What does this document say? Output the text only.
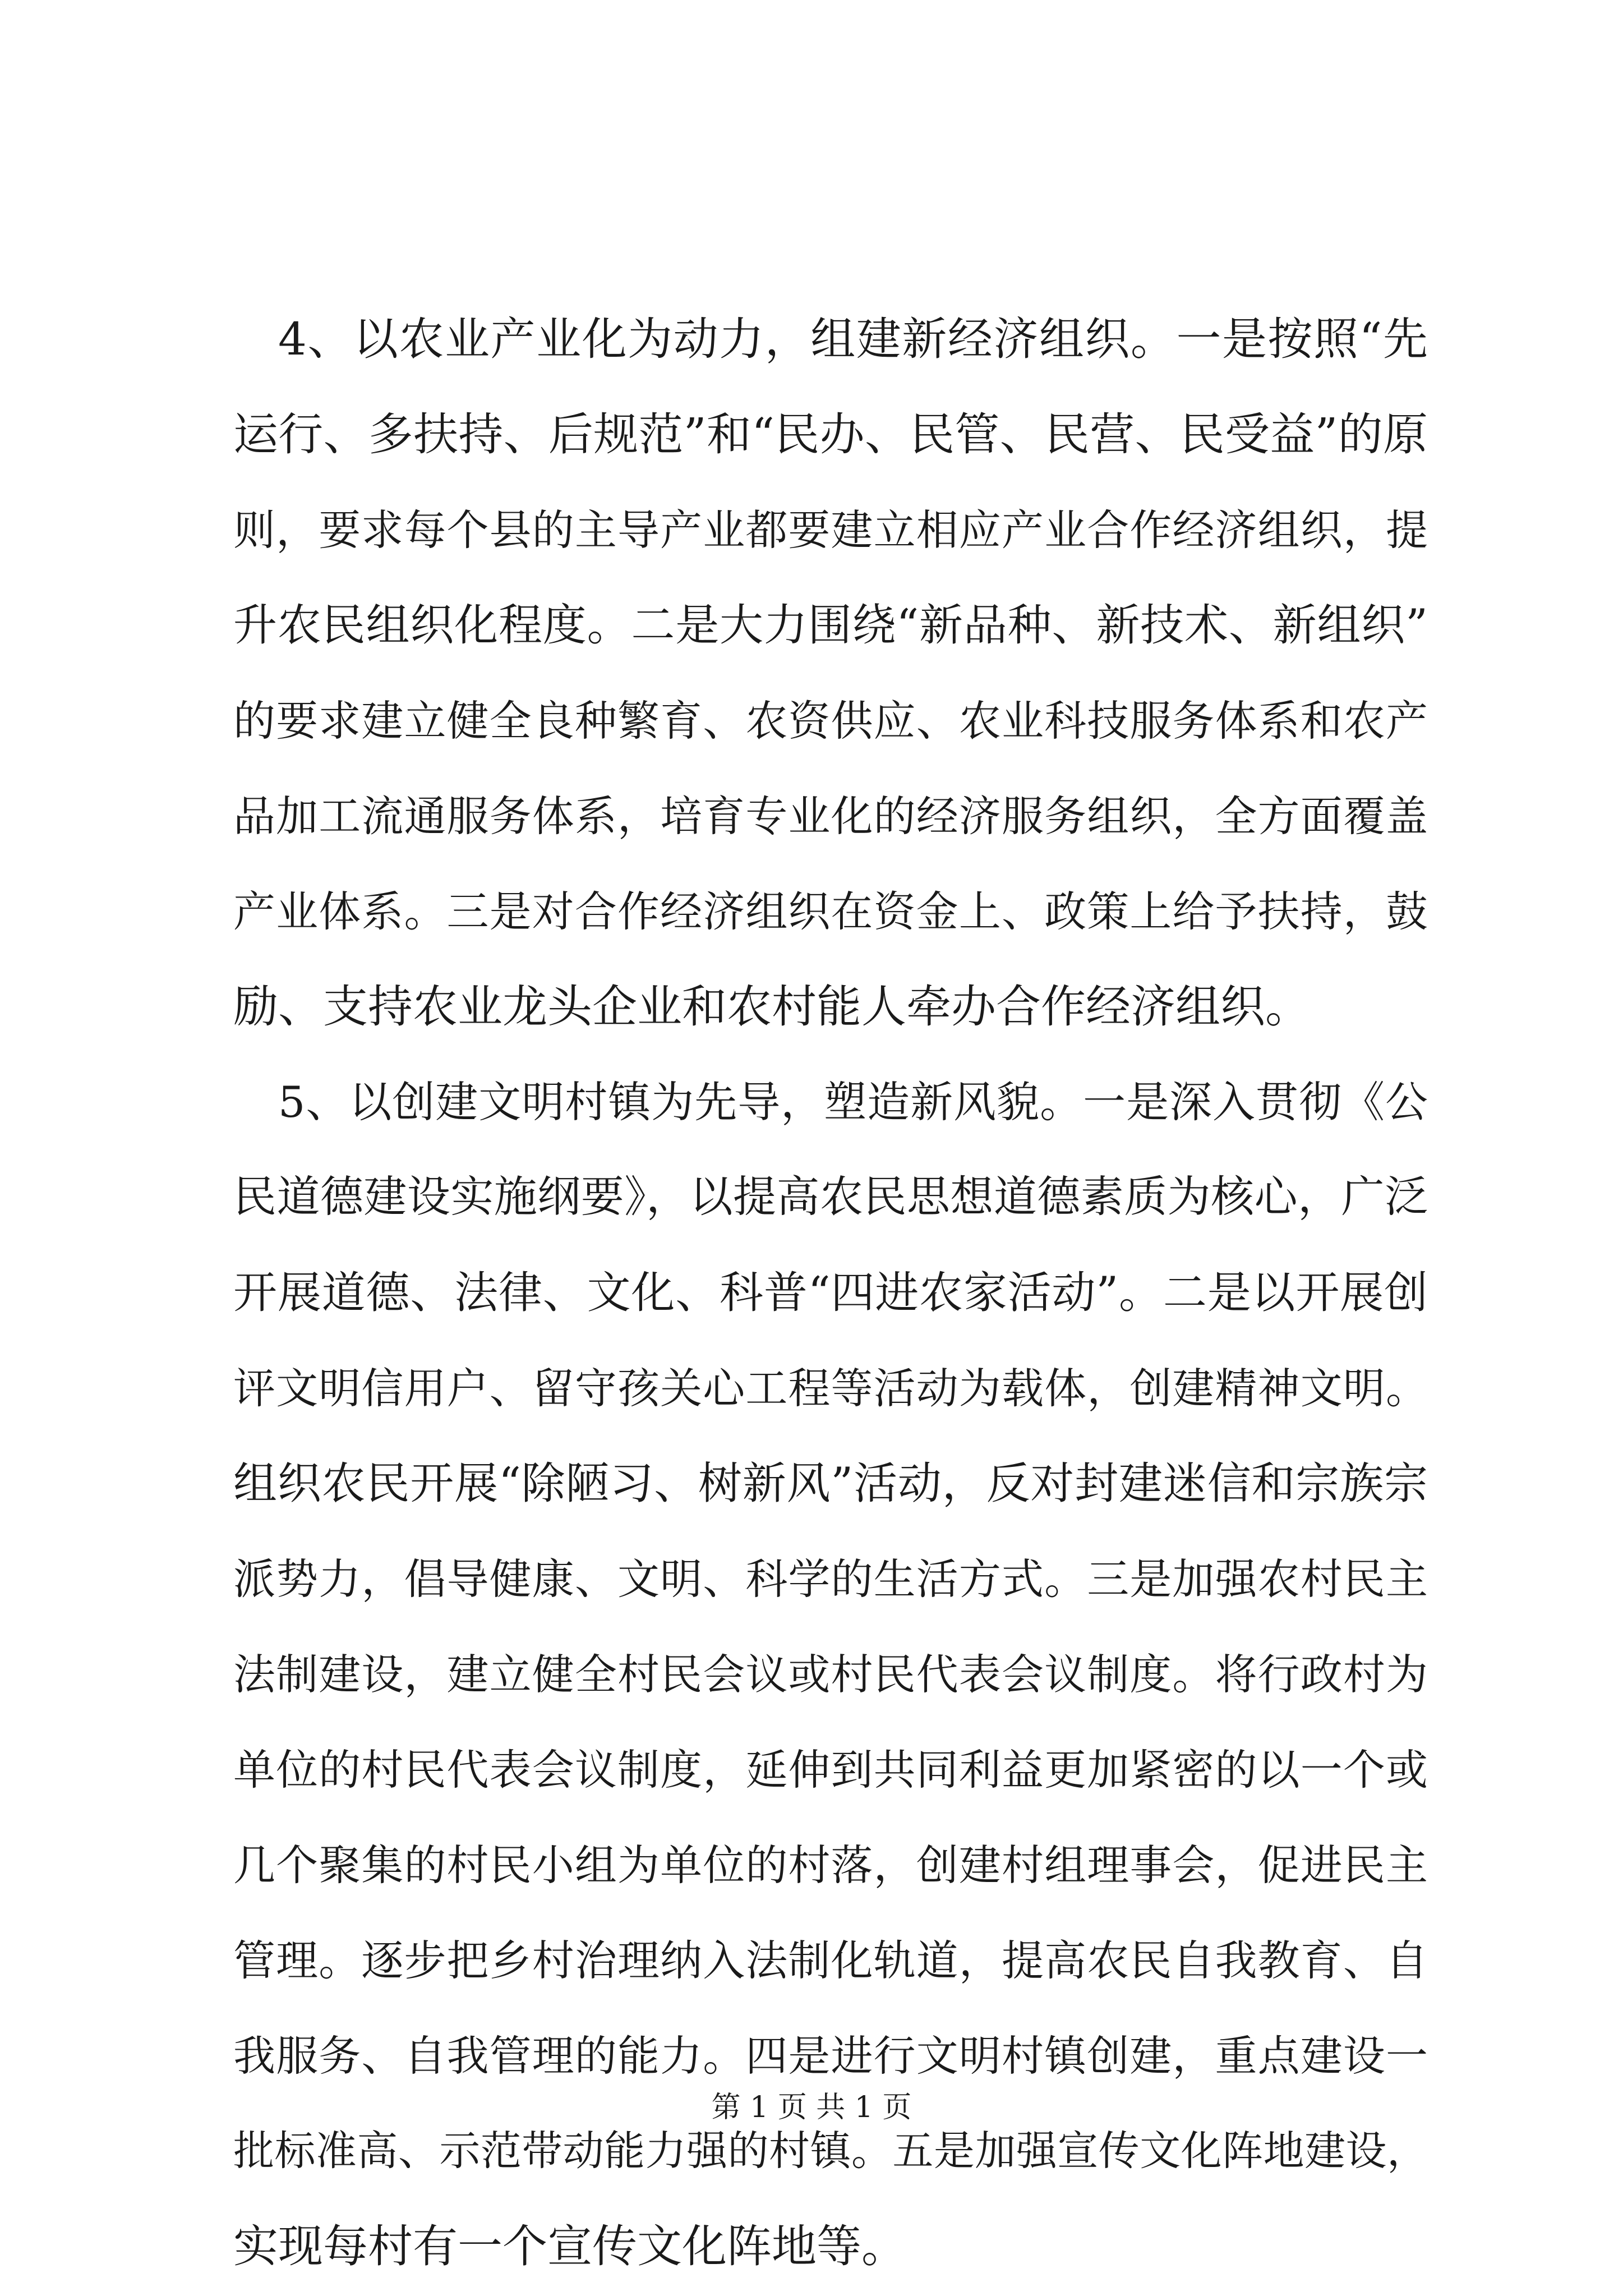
4、以农业产业化为动力，组建新经济组织。一是按照“先
运行、多扶持、后规范”和“民办、民管、民营、民受益”的原
则，要求每个县的主导产业都要建立相应产业合作经济组织，提
升农民组织化程度。二是大力围绕“新品种、新技术、新组织”
的要求建立健全良种繁育、农资供应、农业科技服务体系和农产
品加工流通服务体系，培育专业化的经济服务组织，全方面覆盖
产业体系。三是对合作经济组织在资金上、政策上给予扶持，鼓
励、支持农业龙头企业和农村能人牵办合作经济组织。
5、以创建文明村镇为先导，塑造新风貌。一是深入贯彻《公
民道德建设实施纲要》，以提高农民思想道德素质为核心，广泛
开展道德、法律、文化、科普“四进农家活动”。二是以开展创
评文明信用户、留守孩关心工程等活动为载体，创建精神文明。
组织农民开展“除陋习、树新风”活动，反对封建迷信和宗族宗
派势力，倡导健康、文明、科学的生活方式。三是加强农村民主
法制建设，建立健全村民会议或村民代表会议制度。将行政村为
单位的村民代表会议制度，延伸到共同利益更加紧密的以一个或
几个聚集的村民小组为单位的村落，创建村组理事会，促进民主
管理。逐步把乡村治理纳入法制化轨道，提高农民自我教育、自
我服务、自我管理的能力。四是进行文明村镇创建，重点建设一
批标准高、示范带动能力强的村镇。五是加强宣传文化阵地建设，
实现每村有一个宣传文化阵地等。
第 1 页 共 1 页
